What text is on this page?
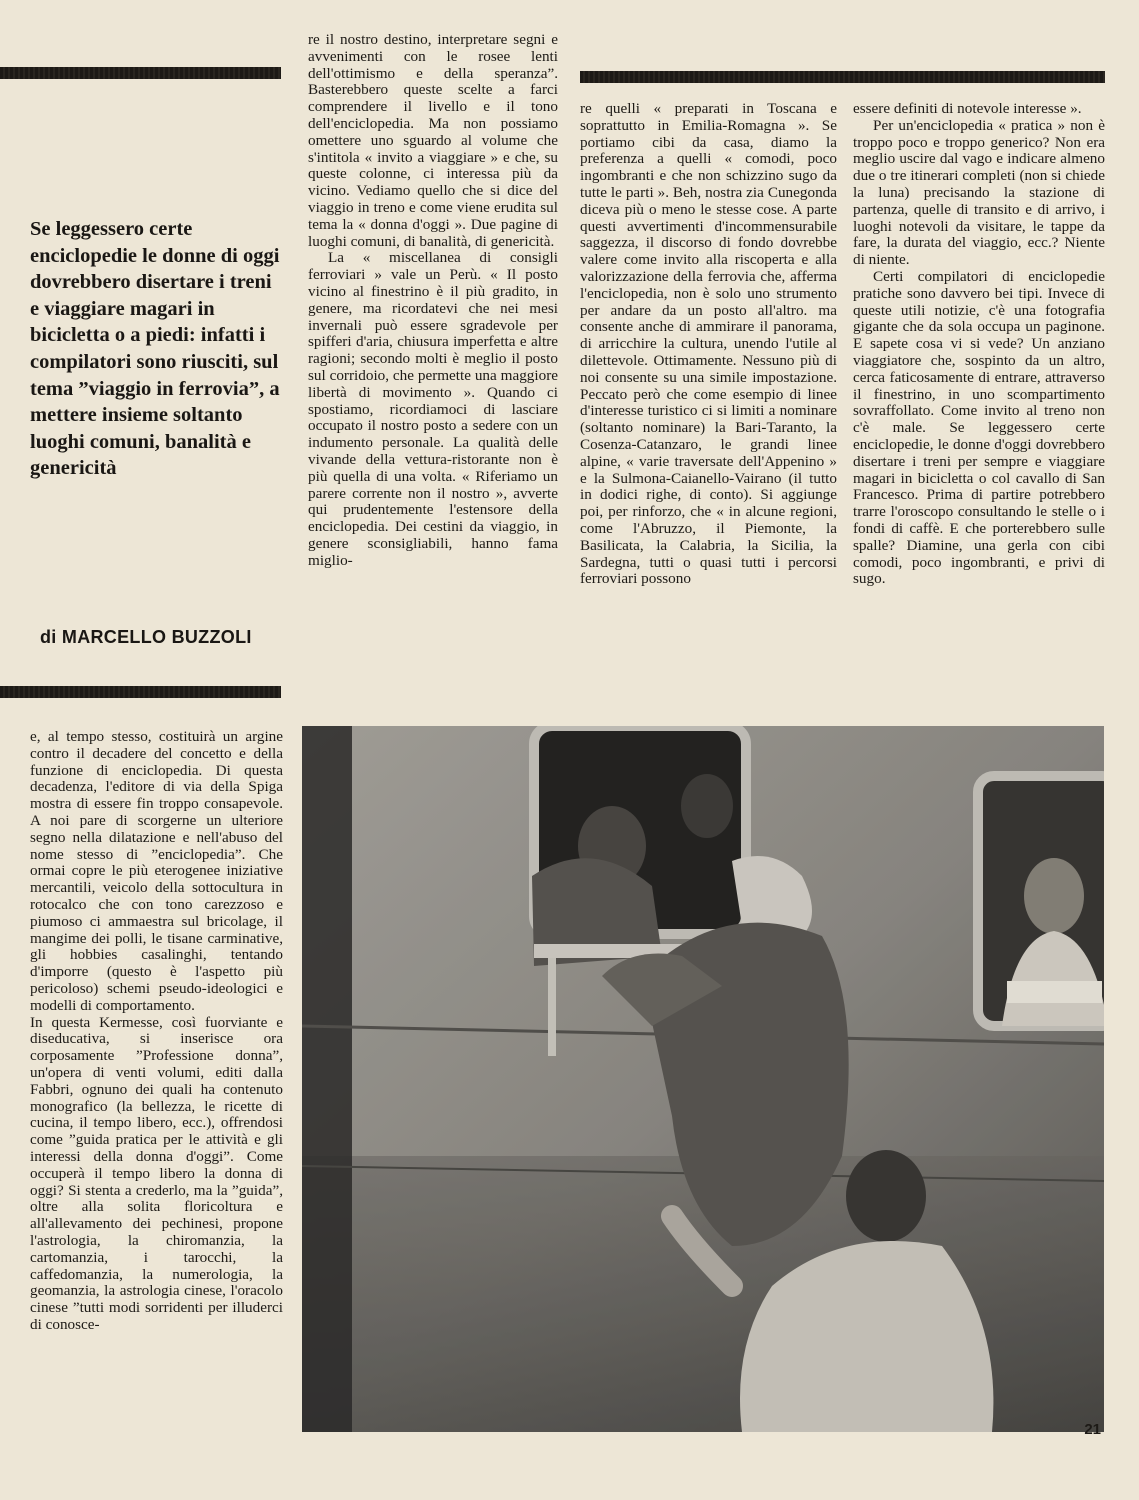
Se leggessero certe enciclopedie le donne di oggi dovrebbero disertare i treni e viaggiare magari in bicicletta o a piedi: infatti i compilatori sono riusciti, sul tema ”viaggio in ferrovia”, a mettere insieme soltanto luoghi comuni, banalità e genericità
di MARCELLO BUZZOLI

e, al tempo stesso, costituirà un argine contro il decadere del concetto e della funzione di enciclopedia. Di questa decadenza, l'editore di via della Spiga mostra di essere fin troppo consapevole. A noi pare di scorgerne un ulteriore segno nella dilatazione e nell'abuso del nome stesso di ”enciclopedia”. Che ormai copre le più eterogenee iniziative mercantili, veicolo della sottocultura in rotocalco che con tono carezzoso e piumoso ci ammaestra sul bricolage, il mangime dei polli, le tisane carminative, gli hobbies casalinghi, tentando d'imporre (questo è l'aspetto più pericoloso) schemi pseudo-ideologici e modelli di comportamento.

In questa Kermesse, così fuorviante e diseducativa, si inserisce ora corposamente ”Professione donna”, un'opera di venti volumi, editi dalla Fabbri, ognuno dei quali ha contenuto monografico (la bellezza, le ricette di cucina, il tempo libero, ecc.), offrendosi come ”guida pratica per le attività e gli interessi della donna d'oggi”. Come occuperà il tempo libero la donna di oggi? Si stenta a crederlo, ma la ”guida”, oltre alla solita floricoltura e all'allevamento dei pechinesi, propone l'astrologia, la chiromanzia, la cartomanzia, i tarocchi, la caffedomanzia, la numerologia, la geomanzia, la astrologia cinese, l'oracolo cinese ”tutti modi sorridenti per illuderci di conosce-

re il nostro destino, interpretare segni e avvenimenti con le rosee lenti dell'ottimismo e della speranza”. Basterebbero queste scelte a farci comprendere il livello e il tono dell'enciclopedia. Ma non possiamo omettere uno sguardo al volume che s'intitola « invito a viaggiare » e che, su queste colonne, ci interessa più da vicino. Vediamo quello che si dice del viaggio in treno e come viene erudita sul tema la « donna d'oggi ». Due pagine di luoghi comuni, di banalità, di genericità.

La « miscellanea di consigli ferroviari » vale un Perù. « Il posto vicino al finestrino è il più gradito, in genere, ma ricordatevi che nei mesi invernali può essere sgradevole per spifferi d'aria, chiusura imperfetta e altre ragioni; secondo molti è meglio il posto sul corridoio, che permette una maggiore libertà di movimento ». Quando ci spostiamo, ricordiamoci di lasciare occupato il nostro posto a sedere con un indumento personale. La qualità delle vivande della vettura-ristorante non è più quella di una volta. « Riferiamo un parere corrente non il nostro », avverte qui prudentemente l'estensore della enciclopedia. Dei cestini da viaggio, in genere sconsigliabili, hanno fama miglio-

re quelli « preparati in Toscana e soprattutto in Emilia-Romagna ». Se portiamo cibi da casa, diamo la preferenza a quelli « comodi, poco ingombranti e che non schizzino sugo da tutte le parti ». Beh, nostra zia Cunegonda diceva più o meno le stesse cose. A parte questi avvertimenti d'incommensurabile saggezza, il discorso di fondo dovrebbe valere come invito alla riscoperta e alla valorizzazione della ferrovia che, afferma l'enciclopedia, non è solo uno strumento per andare da un posto all'altro. ma consente anche di ammirare il panorama, di arricchire la cultura, unendo l'utile al dilettevole. Ottimamente. Nessuno più di noi consente su una simile impostazione. Peccato però che come esempio di linee d'interesse turistico ci si limiti a nominare (soltanto nominare) la Bari-Taranto, la Cosenza-Catanzaro, le grandi linee alpine, « varie traversate dell'Appenino » e la Sulmona-Caianello-Vairano (il tutto in dodici righe, di conto). Si aggiunge poi, per rinforzo, che « in alcune regioni, come l'Abruzzo, il Piemonte, la Basilicata, la Calabria, la Sicilia, la Sardegna, tutti o quasi tutti i percorsi ferroviari possono

essere definiti di notevole interesse ».

Per un'enciclopedia « pratica » non è troppo poco e troppo generico? Non era meglio uscire dal vago e indicare almeno due o tre itinerari completi (non si chiede la luna) precisando la stazione di partenza, quelle di transito e di arrivo, i luoghi notevoli da visitare, le tappe da fare, la durata del viaggio, ecc.? Niente di niente.

Certi compilatori di enciclopedie pratiche sono davvero bei tipi. Invece di queste utili notizie, c'è una fotografia gigante che da sola occupa un paginone. E sapete cosa vi si vede? Un anziano viaggiatore che, sospinto da un altro, cerca faticosamente di entrare, attraverso il finestrino, in uno scompartimento sovraffollato. Come invito al treno non c'è male. Se leggessero certe enciclopedie, le donne d'oggi dovrebbero disertare i treni per sempre e viaggiare magari in bicicletta o col cavallo di San Francesco. Prima di partire potrebbero trarre l'oroscopo consultando le stelle o i fondi di caffè. E che porterebbero sulle spalle? Diamine, una gerla con cibi comodi, poco ingombranti, e privi di sugo.

21
